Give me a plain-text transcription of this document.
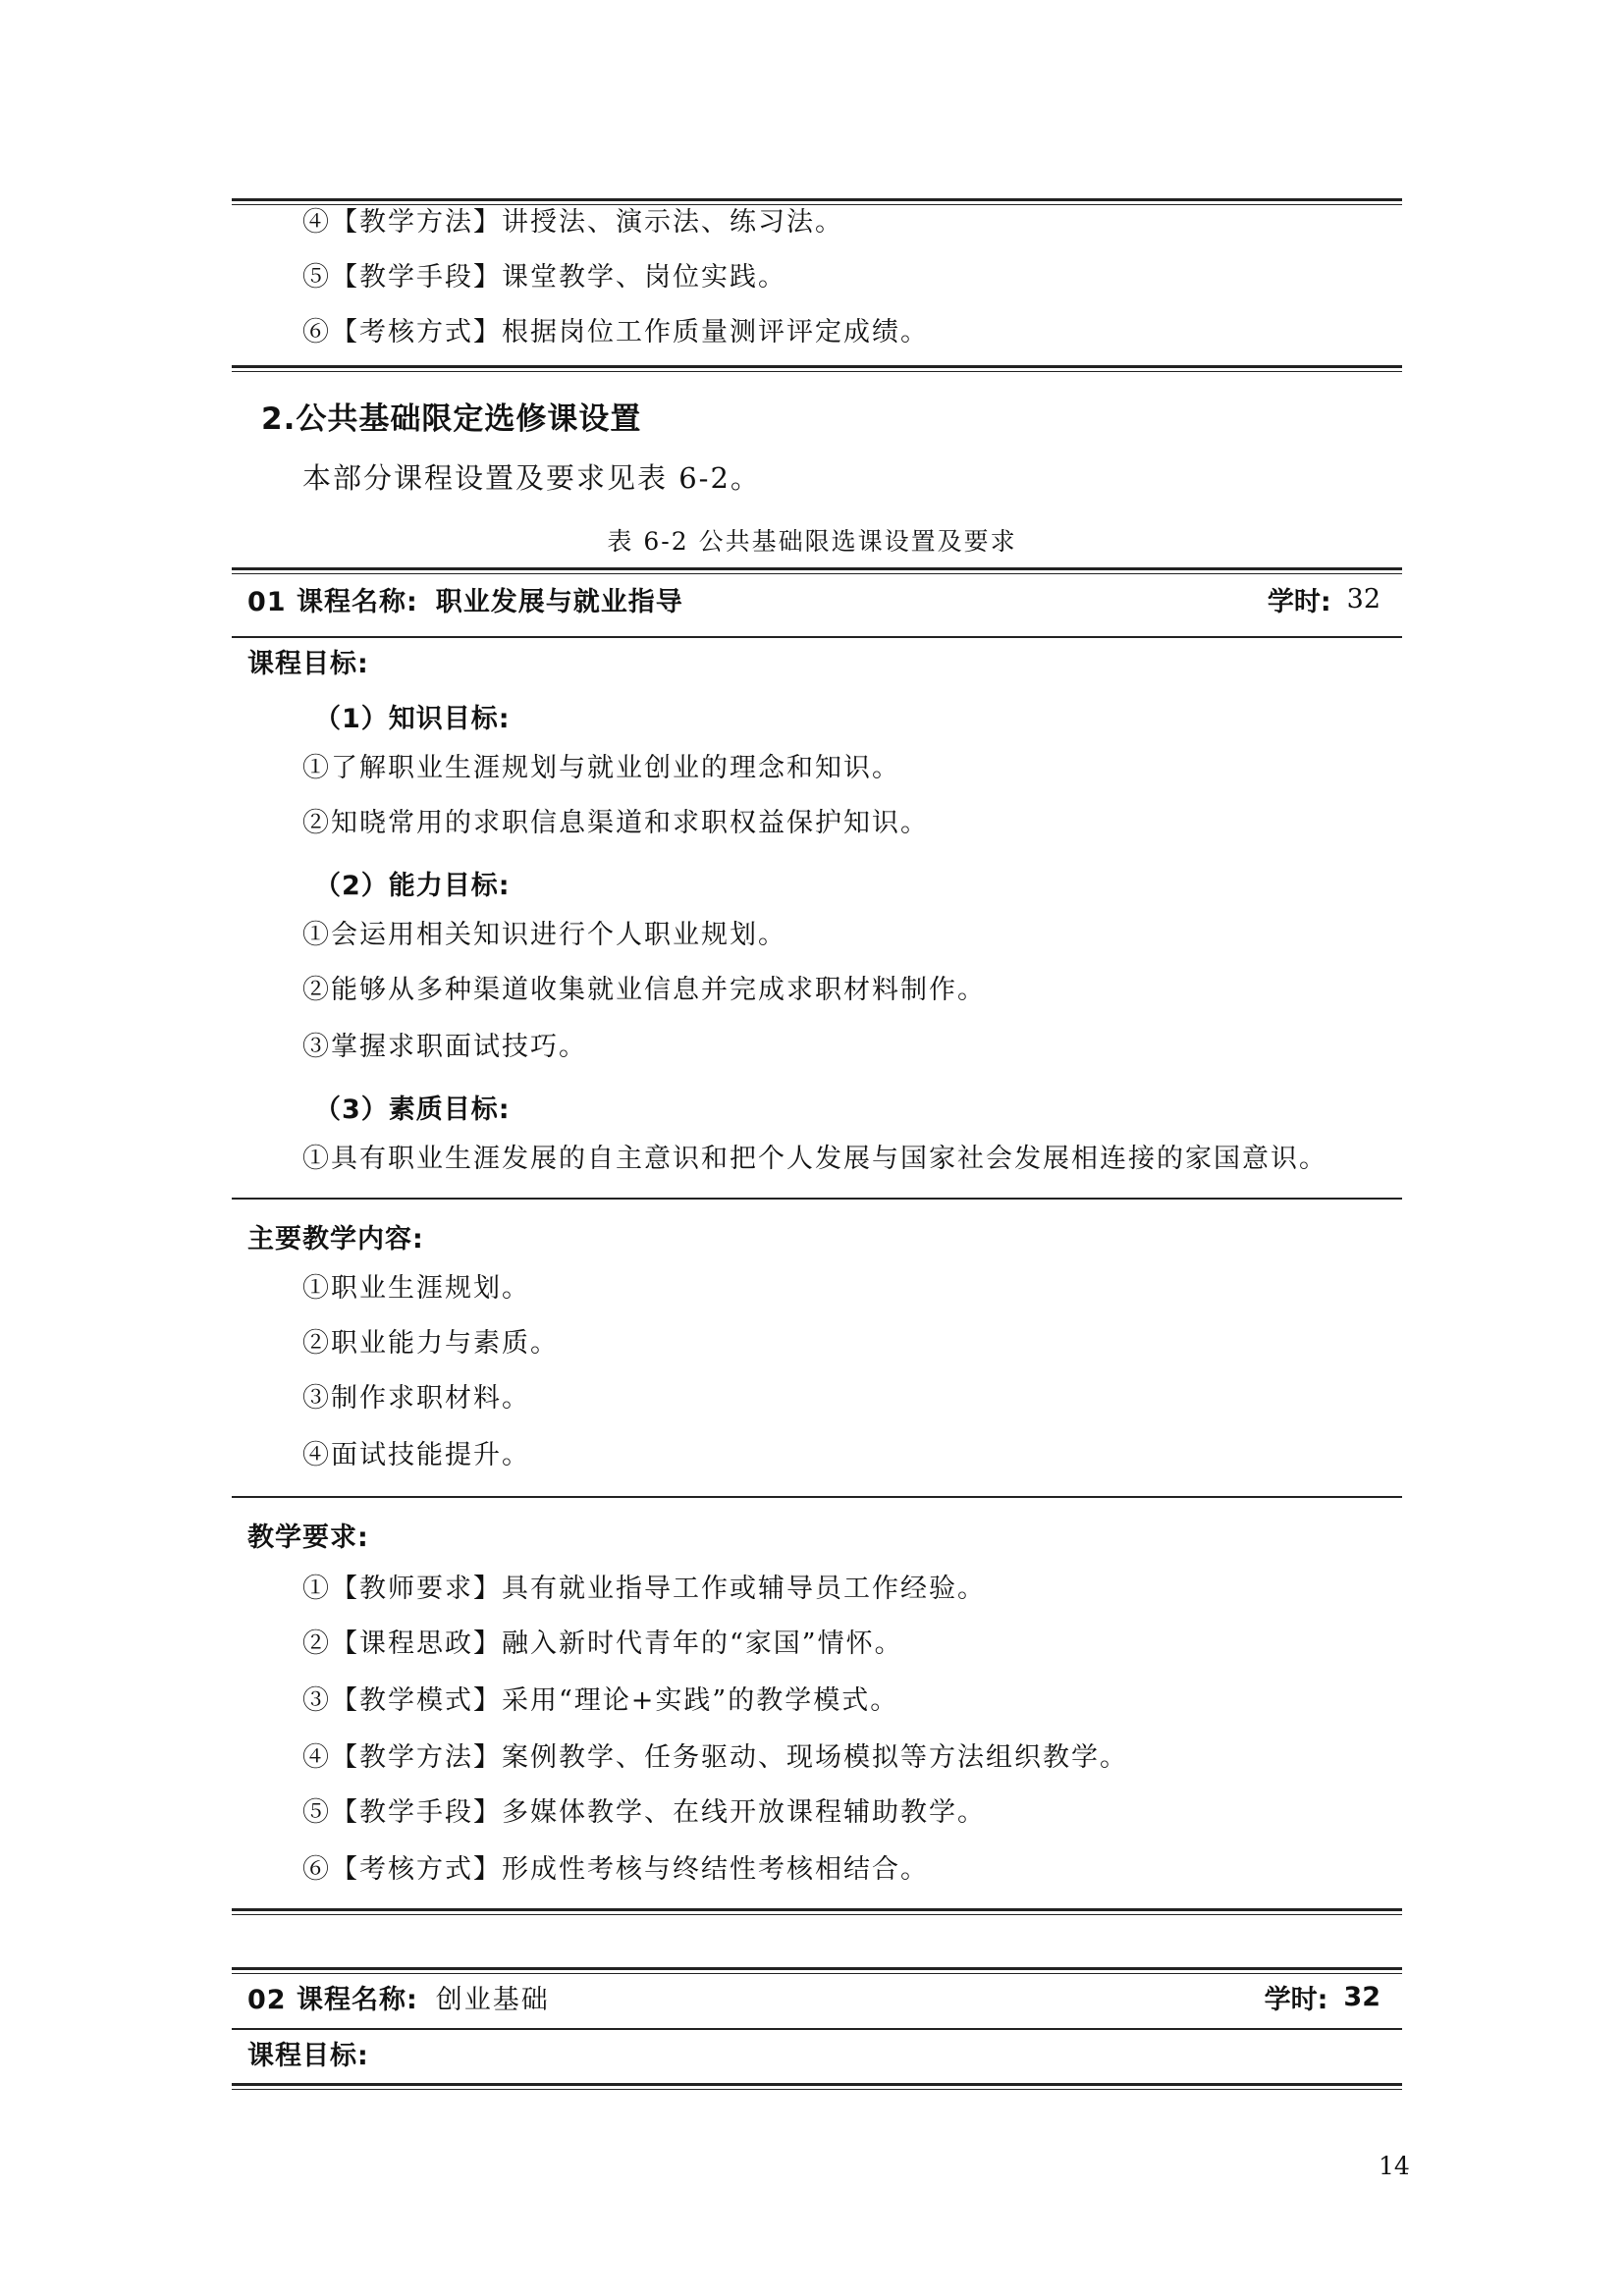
④【教学方法】讲授法、演示法、练习法。
⑤【教学手段】课堂教学、岗位实践。
⑥【考核方式】根据岗位工作质量测评评定成绩。
2.公共基础限定选修课设置
本部分课程设置及要求见表 6-2。
表 6-2 公共基础限选课设置及要求
01 课程名称: 职业发展与就业指导	学时: 32
课程目标:
（1）知识目标:
①了解职业生涯规划与就业创业的理念和知识。
②知晓常用的求职信息渠道和求职权益保护知识。
（2）能力目标:
①会运用相关知识进行个人职业规划。
②能够从多种渠道收集就业信息并完成求职材料制作。
③掌握求职面试技巧。
（3）素质目标:
①具有职业生涯发展的自主意识和把个人发展与国家社会发展相连接的家国意识。
主要教学内容:
①职业生涯规划。
②职业能力与素质。
③制作求职材料。
④面试技能提升。
教学要求:
①【教师要求】具有就业指导工作或辅导员工作经验。
②【课程思政】融入新时代青年的“家国”情怀。
③【教学模式】采用“理论+实践”的教学模式。
④【教学方法】案例教学、任务驱动、现场模拟等方法组织教学。
⑤【教学手段】多媒体教学、在线开放课程辅助教学。
⑥【考核方式】形成性考核与终结性考核相结合。
02 课程名称: 创业基础	学时: 32
课程目标:
14
